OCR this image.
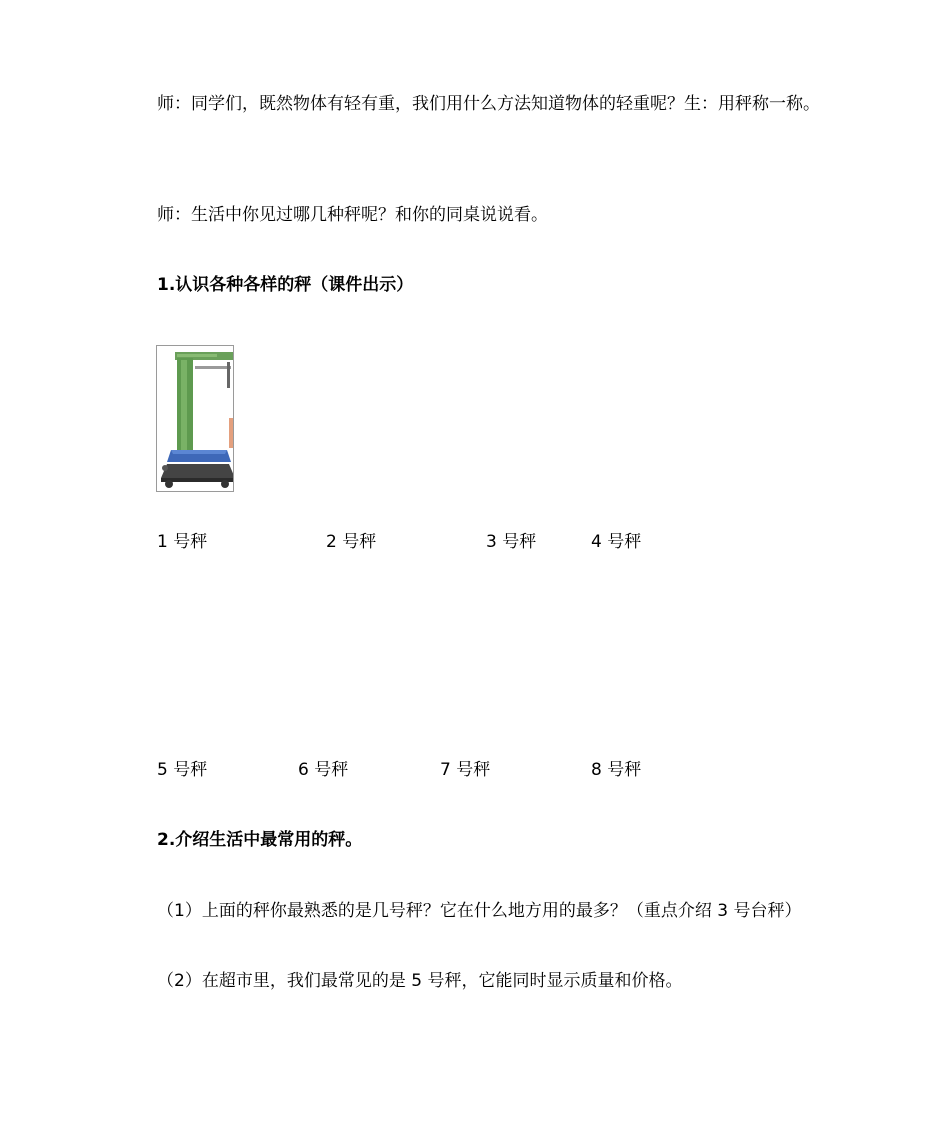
师：同学们，既然物体有轻有重，我们用什么方法知道物体的轻重呢？生：用秤称一称。
师：生活中你见过哪几种秤呢？和你的同桌说说看。
1.认识各种各样的秤（课件出示）
1 号秤	2 号秤	3 号秤	4 号秤
5 号秤	6 号秤	7 号秤	8 号秤
2.介绍生活中最常用的秤。
（1）上面的秤你最熟悉的是几号秤？它在什么地方用的最多？（重点介绍 3 号台秤）
（2）在超市里，我们最常见的是 5 号秤，它能同时显示质量和价格。
